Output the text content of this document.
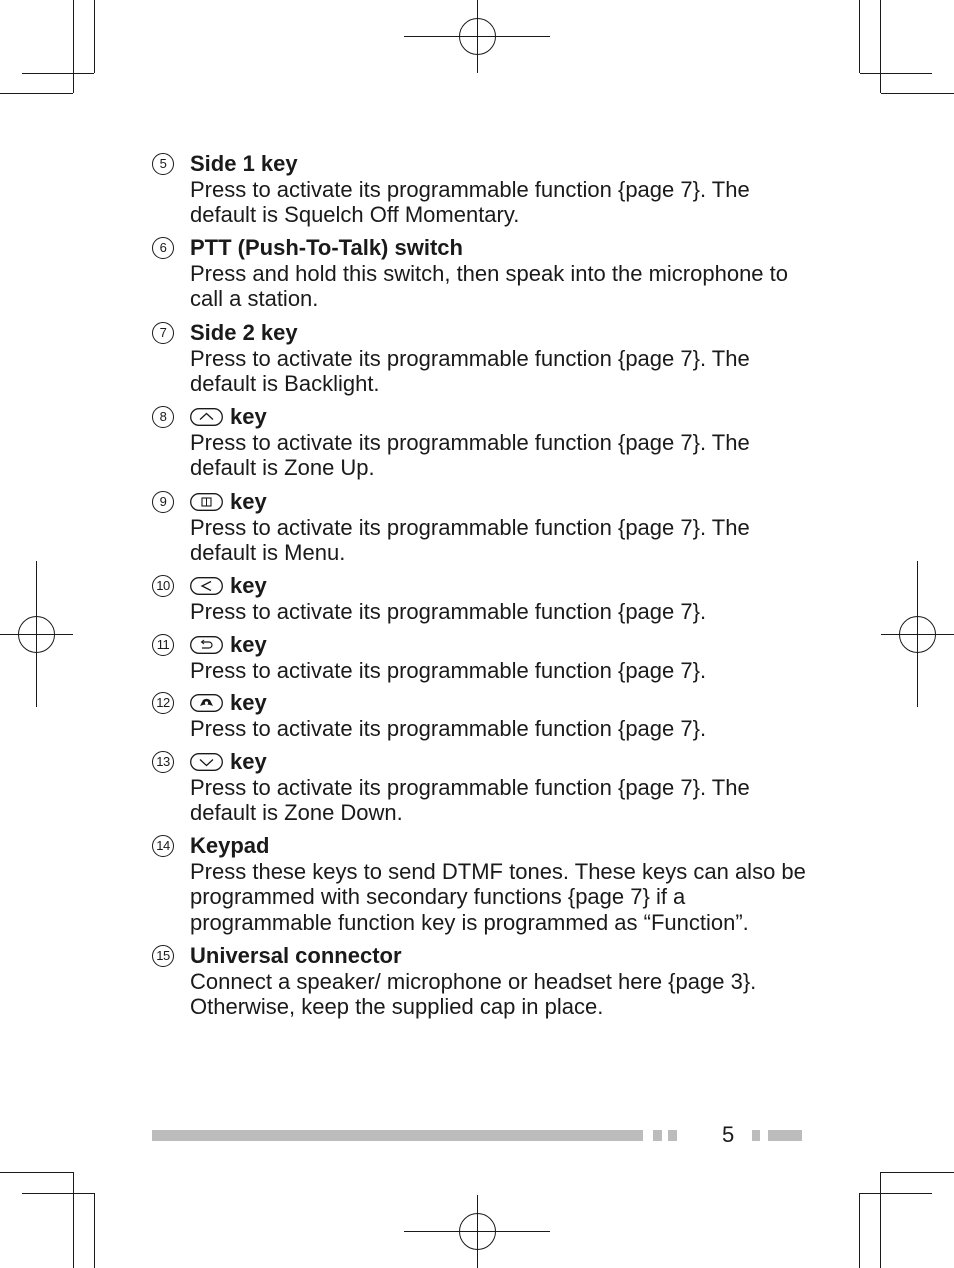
5	Side 1 key
Press to activate its programmable function {page 7}. The default is Squelch Off Momentary.
6	PTT (Push-To-Talk) switch
Press and hold this switch, then speak into the microphone to call a station.
7	Side 2 key
Press to activate its programmable function {page 7}. The default is Backlight.
8	key
Press to activate its programmable function {page 7}. The default is Zone Up.
9	key
Press to activate its programmable function {page 7}. The default is Menu.
10	key
Press to activate its programmable function {page 7}.
11	key
Press to activate its programmable function {page 7}.
12	key
Press to activate its programmable function {page 7}.
13	key
Press to activate its programmable function {page 7}. The default is Zone Down.
14 Keypad
Press these keys to send DTMF tones. These keys can also be programmed with secondary functions {page 7} if a programmable function key is programmed as “Function”.
15 Universal connector
Connect a speaker/ microphone or headset here {page 3}. Otherwise, keep the supplied cap in place.
5
